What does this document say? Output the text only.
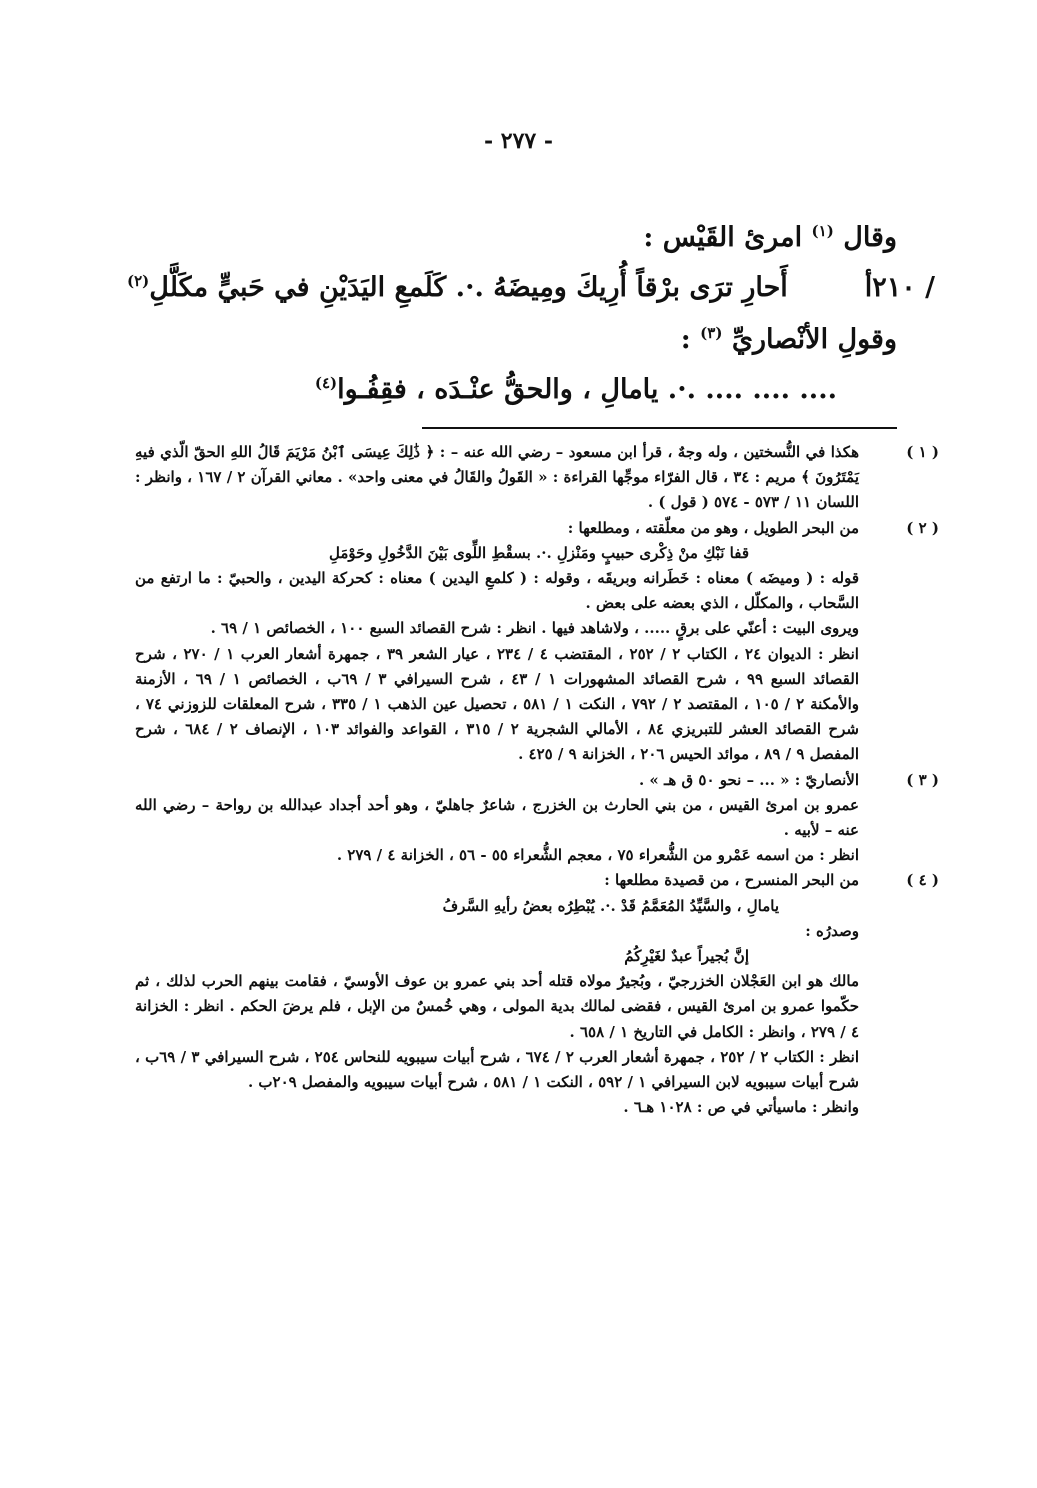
- ٢٧٧ -
وقال $^{(١)}$ امرئ القَيْس :
/ ٢١٠أ
أَحارِ ترَى برْقاً أُرِيكَ ومِيضَهُ .·. كَلَمعِ اليَدَيْنِ في حَبيٍّ مكَلَّلِ$^{(٢)}$
وقولِ الأنْصاريِّ $^{(٣)}$ :
.... .... .... .·. يامالِ ، والحقُّ عنْـدَه ، فقِفُـوا$^{(٤)}$
( ١ )

هكذا في النُّسختين ، وله وجهٌ ، قرأ ابن مسعود – رضي الله عنه – : ﴿ ذَٰلِكَ عِيسَى ٱبْنُ مَرْيَمَ قَالُ اللهِ الحقّ الّذي فيهِ يَمْتَرُونَ ﴾ مريم : ٣٤ ، قال الفرّاء موجِّها القراءة : « القَولُ والقَالُ في معنى واحد» . معاني القرآن ٢ / ١٦٧ ، وانظر : اللسان ١١ / ٥٧٣ - ٥٧٤ ( قول ) .

( ٢ )

من البحر الطويل ، وهو من معلّقته ، ومطلعها :

قفا نَبْكِ منْ ذِكْرى حبيبٍ ومَنْزلِ .·. بسقْطِ اللِّوى بَيْنَ الدَّخُولِ وحَوْمَلِ

قوله : ( وميضَه ) معناه : خَطَرانه وبريقَه ، وقوله : ( كلمعِ اليدين ) معناه : كحركة اليدين ، والحبيّ : ما ارتفع من السَّحاب ، والمكلّل ، الذي بعضه على بعض .

ويروى البيت : أعنّي على برقٍ ..... ، ولاشاهد فيها . انظر : شرح القصائد السبع ١٠٠ ، الخصائص ١ / ٦٩ .

انظر : الديوان ٢٤ ، الكتاب ٢ / ٢٥٢ ، المقتضب ٤ / ٢٣٤ ، عيار الشعر ٣٩ ، جمهرة أشعار العرب ١ / ٢٧٠ ، شرح القصائد السبع ٩٩ ، شرح القصائد المشهورات ١ / ٤٣ ، شرح السيرافي ٣ / ٦٩ب ، الخصائص ١ / ٦٩ ، الأزمنة والأمكنة ٢ / ١٠٥ ، المقتصد ٢ / ٧٩٢ ، النكت ١ / ٥٨١ ، تحصيل عين الذهب ١ / ٣٣٥ ، شرح المعلقات للزوزني ٧٤ ، شرح القصائد العشر للتبريزي ٨٤ ، الأمالي الشجرية ٢ / ٣١٥ ، القواعد والفوائد ١٠٣ ، الإنصاف ٢ / ٦٨٤ ، شرح المفصل ٩ / ٨٩ ، موائد الحيس ٢٠٦ ، الخزانة ٩ / ٤٢٥ .

( ٣ )

الأنصاريّ : « ... – نحو ٥٠ ق هـ » .

عمرو بن امرئ القيس ، من بني الحارث بن الخزرج ، شاعرٌ جاهليّ ، وهو أحد أجداد عبدالله بن رواحة – رضي الله عنه – لأبيه .

انظر : من اسمه عَمْرو من الشُّعراء ٧٥ ، معجم الشُّعراء ٥٥ - ٥٦ ، الخزانة ٤ / ٢٧٩ .

( ٤ )

من البحر المنسرح ، من قصيدة مطلعها :

يامالِ ، والسَّيِّدُ المُعَمَّمُ قَدْ .·. يُبْطِرُه بعضُ رأيهِ السَّرفُ

وصدرُه :

إنَّ بُجيراً عبدٌ لغَيْرِكُمُ

مالك هو ابن العَجْلان الخزرجيّ ، وبُجيرٌ مولاه قتله أحد بني عمرو بن عوف الأوسيّ ، فقامت بينهم الحرب لذلك ، ثم حكّموا عمرو بن امرئ القيس ، فقضى لمالك بدية المولى ، وهي خُمسٌ من الإبل ، فلم يرضَ الحكم . انظر : الخزانة ٤ / ٢٧٩ ، وانظر : الكامل في التاريخ ١ / ٦٥٨ .

انظر : الكتاب ٢ / ٢٥٢ ، جمهرة أشعار العرب ٢ / ٦٧٤ ، شرح أبيات سيبويه للنحاس ٢٥٤ ، شرح السيرافي ٣ / ٦٩ب ، شرح أبيات سيبويه لابن السيرافي ١ / ٥٩٢ ، النكت ١ / ٥٨١ ، شرح أبيات سيبويه والمفصل ٢٠٩ب .

وانظر : ماسيأتي في ص : ١٠٢٨ هـ٦ .
